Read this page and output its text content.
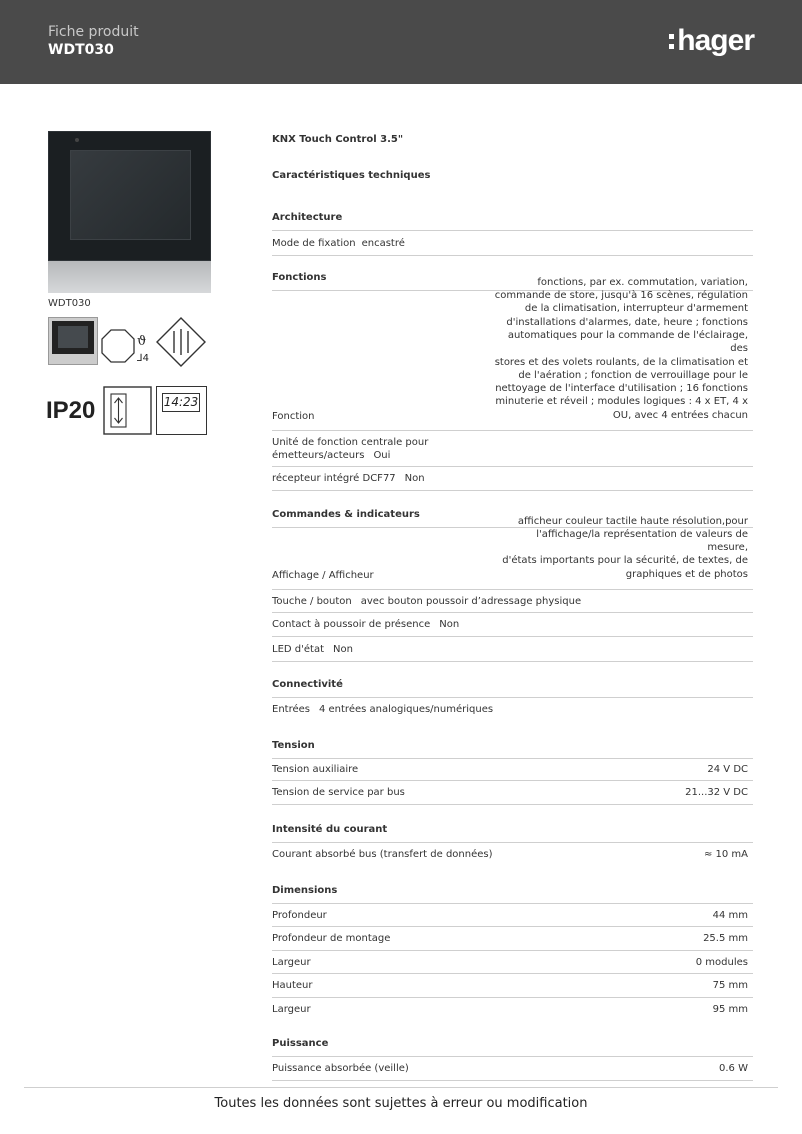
Fiche produit
WDT030	hager
WDT030
ϑ
⅃4
IP20	14:23
KNX Touch Control 3.5"
Caractéristiques techniques
Architecture
Mode de fixation encastré
Fonctions
Fonction
fonctions, par ex. commutation, variation,
commande de store, jusqu'à 16 scènes, régulation
de la climatisation, interrupteur d'armement
d'installations d'alarmes, date, heure ; fonctions
automatiques pour la commande de l'éclairage, des
stores et des volets roulants, de la climatisation et
de l'aération ; fonction de verrouillage pour le
nettoyage de l'interface d'utilisation ; 16 fonctions
minuterie et réveil ; modules logiques : 4 x ET, 4 x
OU, avec 4 entrées chacun
Unité de fonction centrale pour
émetteurs/acteurs Oui
récepteur intégré DCF77 Non
Commandes & indicateurs
Affichage / Afficheur
afficheur couleur tactile haute résolution,pour
l'affichage/la représentation de valeurs de mesure,
d'états importants pour la sécurité, de textes, de
graphiques et de photos
Touche / bouton avec bouton poussoir d’adressage physique
Contact à poussoir de présence Non
LED d'état Non
Connectivité
Entrées 4 entrées analogiques/numériques
Tension
Tension auxiliaire	24 V DC
Tension de service par bus	21...32 V DC
Intensité du courant
Courant absorbé bus (transfert de données)	≈ 10 mA
Dimensions
Profondeur	44 mm
Profondeur de montage	25.5 mm
Largeur	0 modules
Hauteur	75 mm
Largeur	95 mm
Puissance
Puissance absorbée (veille)	0.6 W
Toutes les données sont sujettes à erreur ou modification
